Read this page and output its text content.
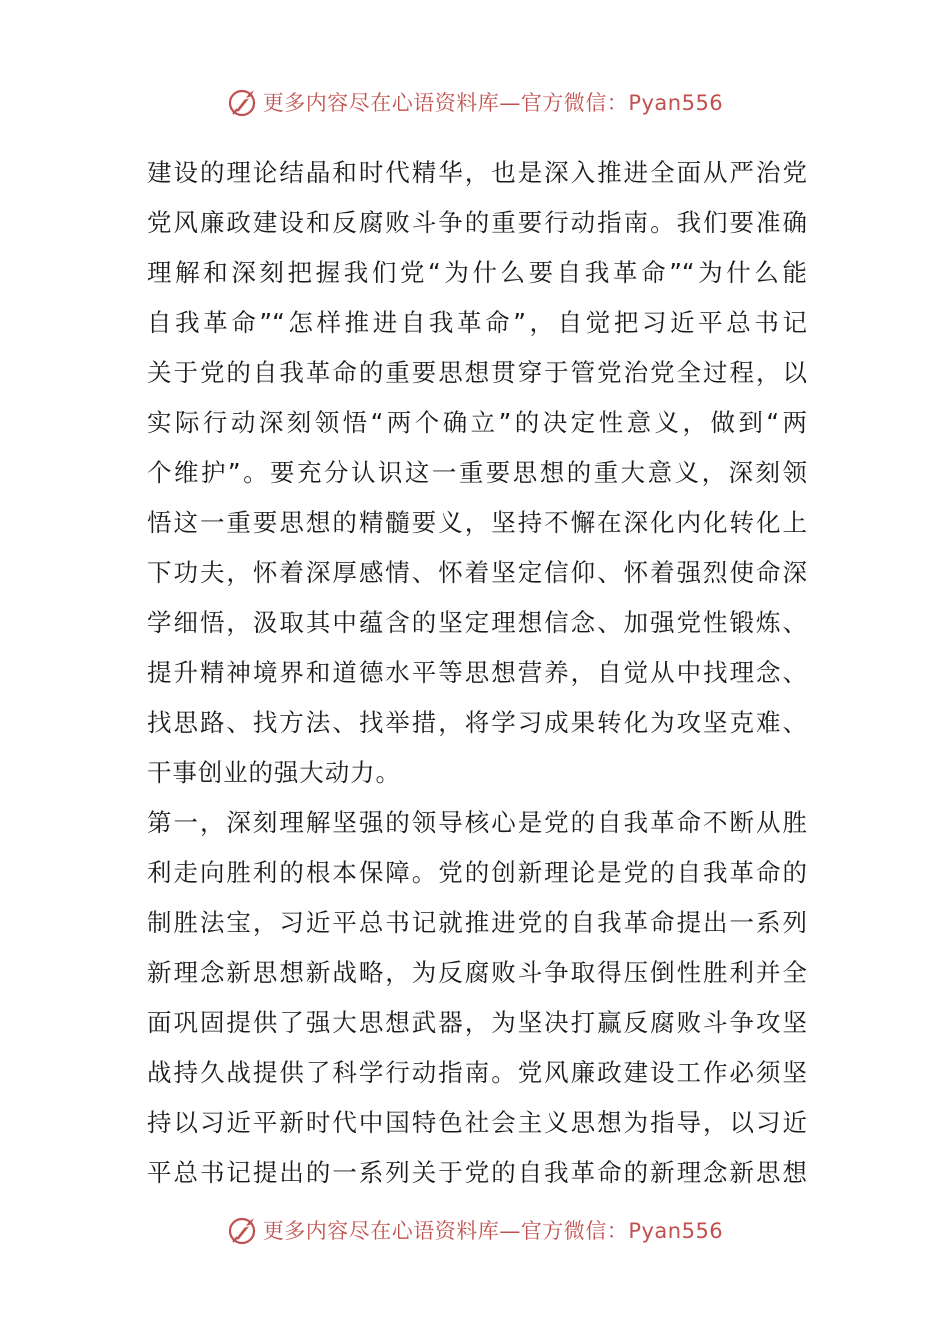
更多内容尽在心语资料库—官方微信：Pyan556
建设的理论结晶和时代精华，也是深入推进全面从严治党
党风廉政建设和反腐败斗争的重要行动指南。我们要准确
理解和深刻把握我们党“为什么要自我革命”“为什么能
自我革命”“怎样推进自我革命”，自觉把习近平总书记
关于党的自我革命的重要思想贯穿于管党治党全过程，以
实际行动深刻领悟“两个确立”的决定性意义，做到“两
个维护”。要充分认识这一重要思想的重大意义，深刻领
悟这一重要思想的精髓要义，坚持不懈在深化内化转化上
下功夫，怀着深厚感情、怀着坚定信仰、怀着强烈使命深
学细悟，汲取其中蕴含的坚定理想信念、加强党性锻炼、
提升精神境界和道德水平等思想营养，自觉从中找理念、
找思路、找方法、找举措，将学习成果转化为攻坚克难、
干事创业的强大动力。
第一，深刻理解坚强的领导核心是党的自我革命不断从胜
利走向胜利的根本保障。党的创新理论是党的自我革命的
制胜法宝，习近平总书记就推进党的自我革命提出一系列
新理念新思想新战略，为反腐败斗争取得压倒性胜利并全
面巩固提供了强大思想武器，为坚决打赢反腐败斗争攻坚
战持久战提供了科学行动指南。党风廉政建设工作必须坚
持以习近平新时代中国特色社会主义思想为指导，以习近
平总书记提出的一系列关于党的自我革命的新理念新思想
更多内容尽在心语资料库—官方微信：Pyan556
